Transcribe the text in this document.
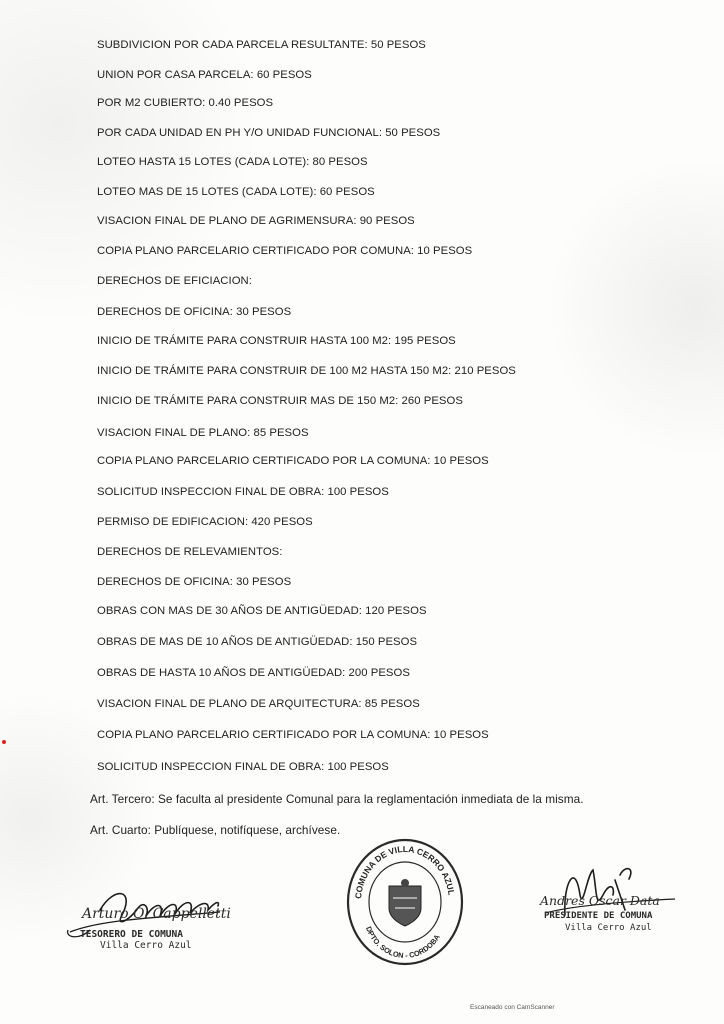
SUBDIVICION POR CADA PARCELA RESULTANTE: 50 PESOS
UNION POR CASA PARCELA: 60 PESOS
POR M2 CUBIERTO: 0.40 PESOS
POR CADA UNIDAD EN PH Y/O UNIDAD FUNCIONAL: 50 PESOS
LOTEO HASTA 15 LOTES (CADA LOTE): 80 PESOS
LOTEO MAS DE 15 LOTES (CADA LOTE): 60 PESOS
VISACION FINAL DE PLANO DE AGRIMENSURA: 90 PESOS
COPIA PLANO PARCELARIO CERTIFICADO POR COMUNA: 10 PESOS
DERECHOS DE EFICIACION:
DERECHOS DE OFICINA: 30 PESOS
INICIO DE TRÁMITE PARA CONSTRUIR HASTA 100 M2: 195 PESOS
INICIO DE TRÁMITE PARA CONSTRUIR DE 100 M2 HASTA 150 M2: 210 PESOS
INICIO DE TRÁMITE PARA CONSTRUIR MAS DE 150 M2: 260 PESOS
VISACION FINAL DE PLANO: 85 PESOS
COPIA PLANO PARCELARIO CERTIFICADO POR LA COMUNA: 10 PESOS
SOLICITUD INSPECCION FINAL DE OBRA: 100 PESOS
PERMISO DE EDIFICACION: 420 PESOS
DERECHOS DE RELEVAMIENTOS:
DERECHOS DE OFICINA: 30 PESOS
OBRAS CON MAS DE 30 AÑOS DE ANTIGÜEDAD: 120 PESOS
OBRAS DE MAS DE 10 AÑOS DE ANTIGÜEDAD: 150 PESOS
OBRAS DE HASTA 10 AÑOS DE ANTIGÜEDAD: 200 PESOS
VISACION FINAL DE PLANO DE ARQUITECTURA: 85 PESOS
COPIA PLANO PARCELARIO CERTIFICADO POR LA COMUNA: 10 PESOS
SOLICITUD INSPECCION FINAL DE OBRA: 100 PESOS
Art. Tercero: Se faculta al presidente Comunal para la reglamentación inmediata de la misma.
Art. Cuarto: Publíquese, notifíquese, archívese.
Arturo O. Cappelletti
TESORERO DE COMUNA
Villa Cerro Azul
COMUNA DE VILLA CERRO AZUL
DPTO. SOLON - CORDOBA
Andres Oscar Data
PRESIDENTE DE COMUNA
Villa Cerro Azul
Escaneado con CamScanner
